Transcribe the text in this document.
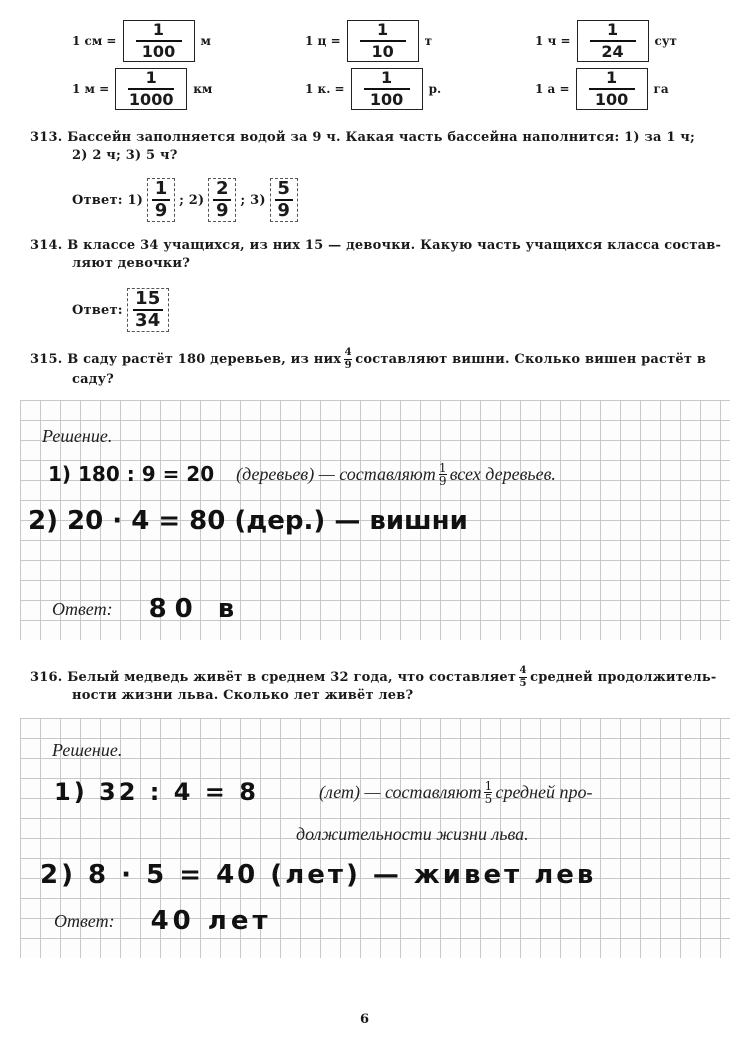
1 см =
1
100
м	1 ц =
1
10
т	1 ч =
1
24
сут
1 м =
1
1000
км	1 к. =
1
100
р.	1 а =
1
100
га
313. Бассейн заполняется водой за 9 ч. Какая часть бассейна наполнится: 1) за 1 ч;
2) 2 ч; 3) 5 ч?
Ответ: 1)
1
9 ; 2)
2
9 ; 3)
5
9
314. В классе 34 учащихся, из них 15 — девочки. Какую часть учащихся класса состав-
ляют девочки?
Ответ:
15
34
315.
В саду растёт 180 деревьев, из них $\frac{4}{9}$ составляют вишни. Сколько вишен растёт в
саду?
Решение.
1) 180 : 9 = 20 (деревьев) — составляют $\frac{1}{9}$ всех деревьев.
2) 20 · 4 = 80 (дер.) — вишни
Ответ: 80 в
316.
Белый медведь живёт в среднем 32 года, что составляет $\frac{4}{5}$ средней продолжитель-
ности жизни льва. Сколько лет живёт лев?
Решение.
1) 32 : 4 = 8	(лет) — составляют $\frac{1}{5}$ средней про-
должительности жизни льва.
2) 8 · 5 = 40 (лет) — живет лев
Ответ: 40 лет
6
